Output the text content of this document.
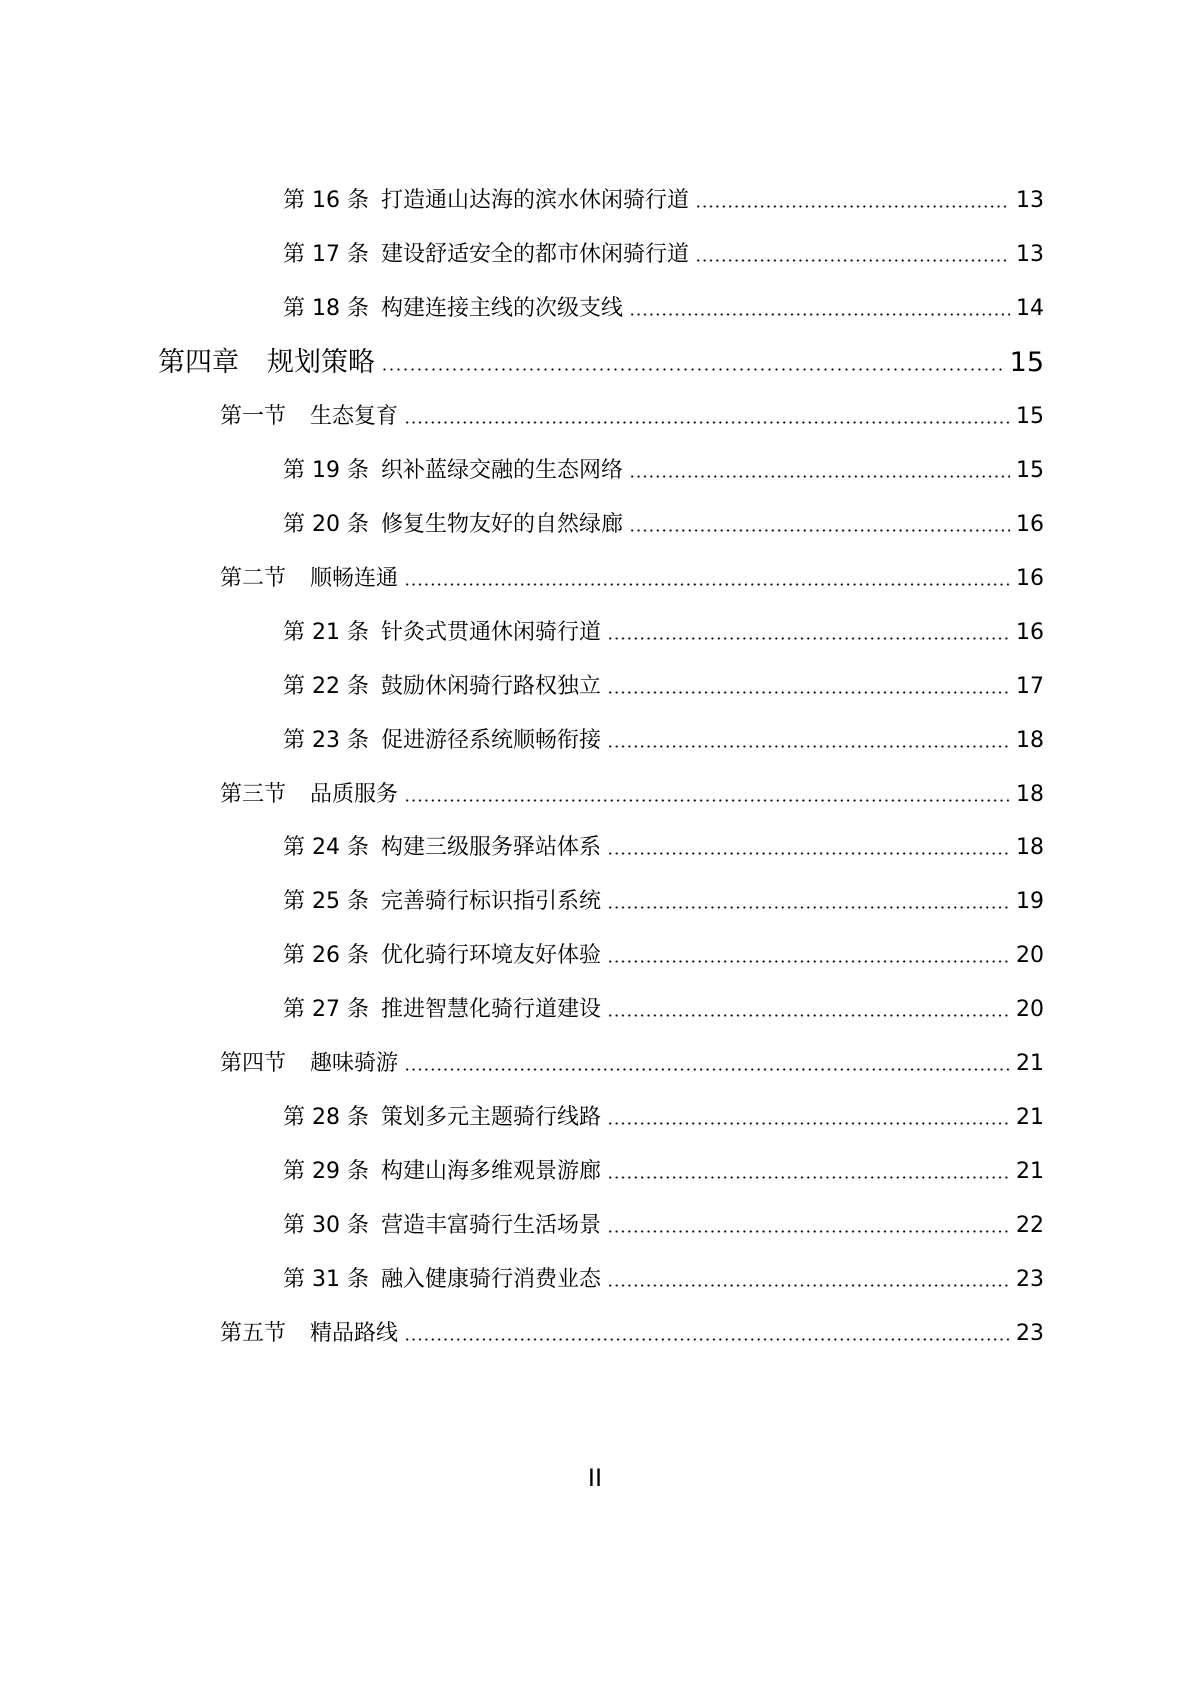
第 16 条 打造通山达海的滨水休闲骑行道	13
第 17 条 建设舒适安全的都市休闲骑行道	13
第 18 条 构建连接主线的次级支线	14
第四章 规划策略	15
第一节 生态复育	15
第 19 条 织补蓝绿交融的生态网络	15
第 20 条 修复生物友好的自然绿廊	16
第二节 顺畅连通	16
第 21 条 针灸式贯通休闲骑行道	16
第 22 条 鼓励休闲骑行路权独立	17
第 23 条 促进游径系统顺畅衔接	18
第三节 品质服务	18
第 24 条 构建三级服务驿站体系	18
第 25 条 完善骑行标识指引系统	19
第 26 条 优化骑行环境友好体验	20
第 27 条 推进智慧化骑行道建设	20
第四节 趣味骑游	21
第 28 条 策划多元主题骑行线路	21
第 29 条 构建山海多维观景游廊	21
第 30 条 营造丰富骑行生活场景	22
第 31 条 融入健康骑行消费业态	23
第五节 精品路线	23
II
